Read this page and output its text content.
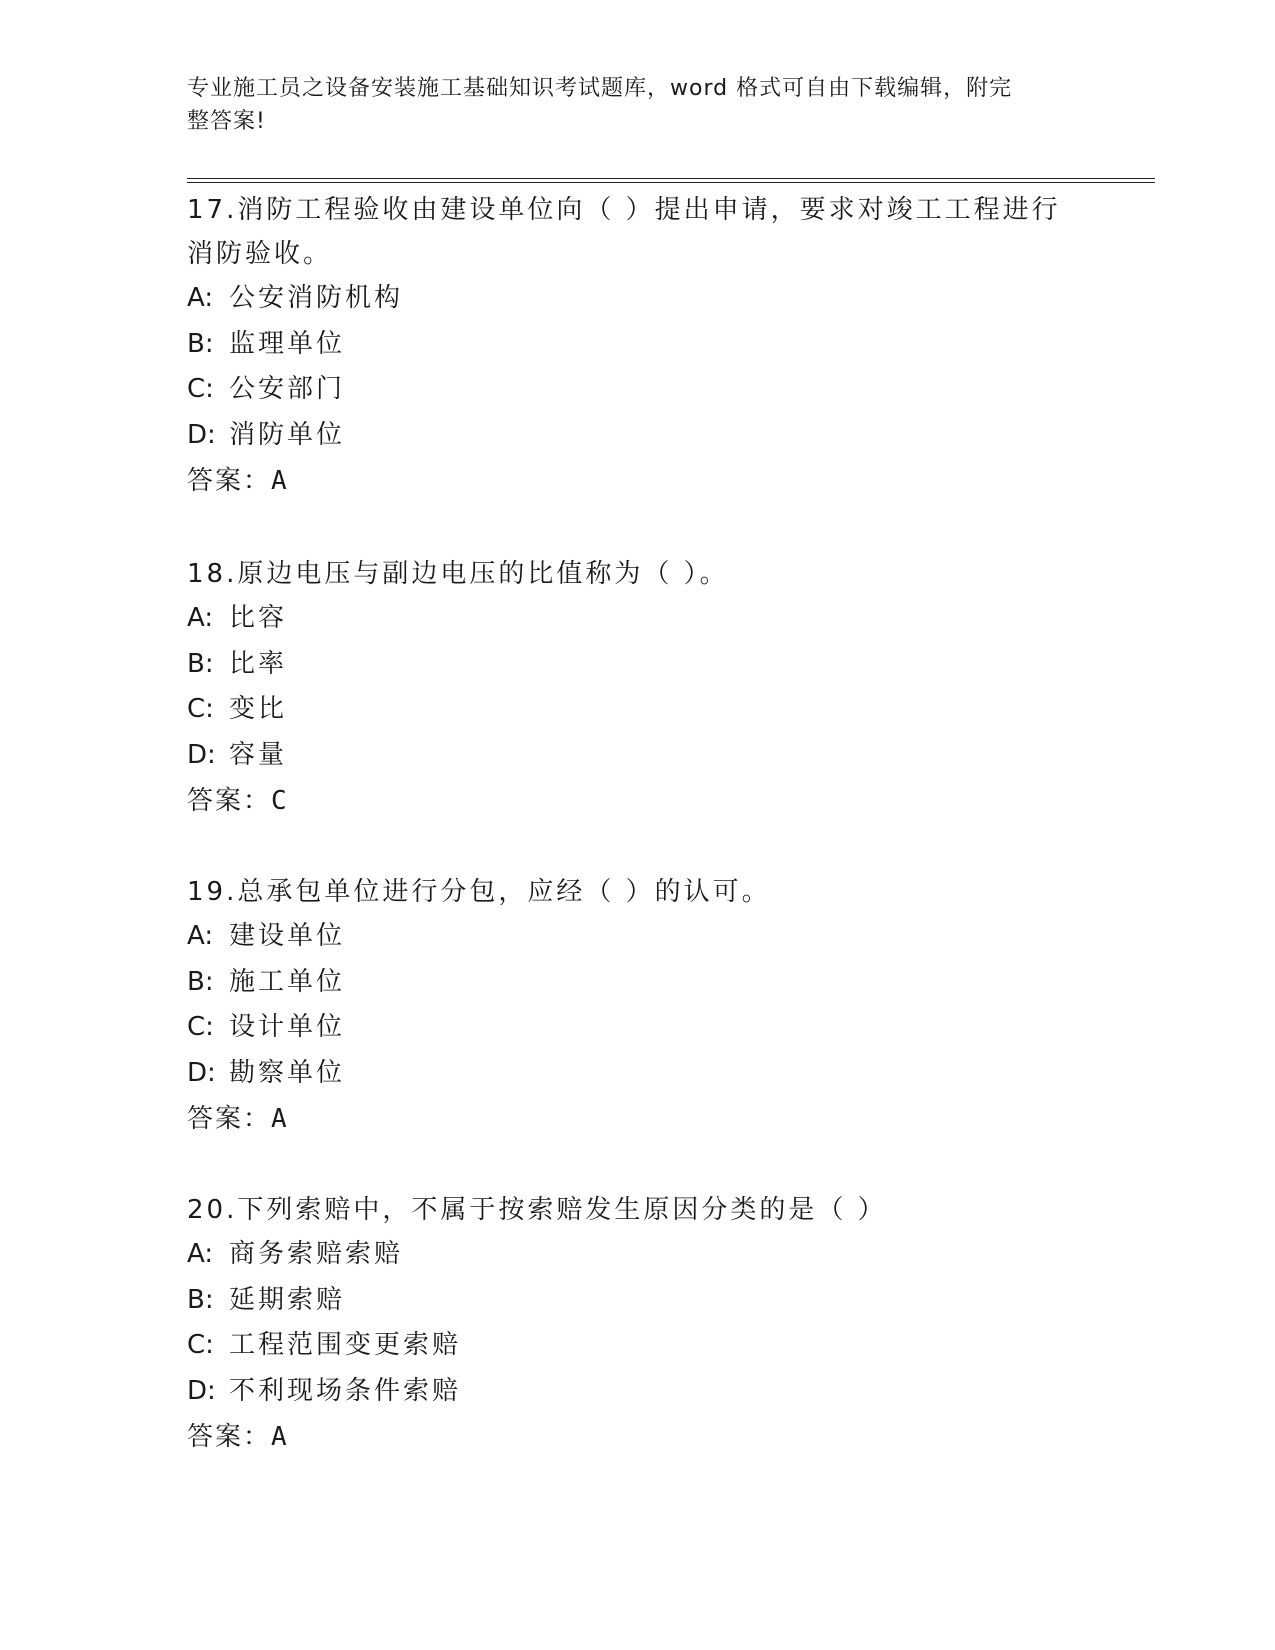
专业施工员之设备安装施工基础知识考试题库，word 格式可自由下载编辑，附完
整答案!

17.消防工程验收由建设单位向（ ）提出申请，要求对竣工工程进行消防验收。

A: 公安消防机构
B: 监理单位
C: 公安部门
D: 消防单位
答案：A

18.原边电压与副边电压的比值称为（ ）。

A: 比容
B: 比率
C: 变比
D: 容量
答案：C

19.总承包单位进行分包，应经（ ）的认可。

A: 建设单位
B: 施工单位
C: 设计单位
D: 勘察单位
答案：A

20.下列索赔中，不属于按索赔发生原因分类的是（ ）

A: 商务索赔索赔
B: 延期索赔
C: 工程范围变更索赔
D: 不利现场条件索赔
答案：A
